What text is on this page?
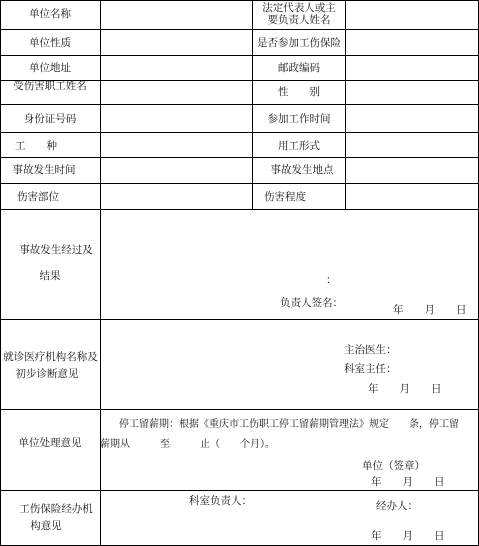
单位名称	法定代表人或主
要负责人姓名
单位性质	是否参加工伤保险
单位地址	邮政编码
受伤害职工姓名	性　　别
身份证号码	参加工作时间
工　　种	用工形式
事故发生时间	事故发生地点
伤害部位	伤害程度
事故发生经过及
结果	：
负责人签名：
年　　月　　日
就诊医疗机构名称及
初步诊断意见
主治医生：
科室主任：
年　　月　　日
单位处理意见
停工留薪期：根据《重庆市工伤职工停工留薪期管理法》规定　　条，停工留
薪期从　　　至　　　止（　　个月）。
单位（签章）
年　　月　　日
工伤保险经办机
构意见
科室负责人：	经办人：
年　　月　　日
